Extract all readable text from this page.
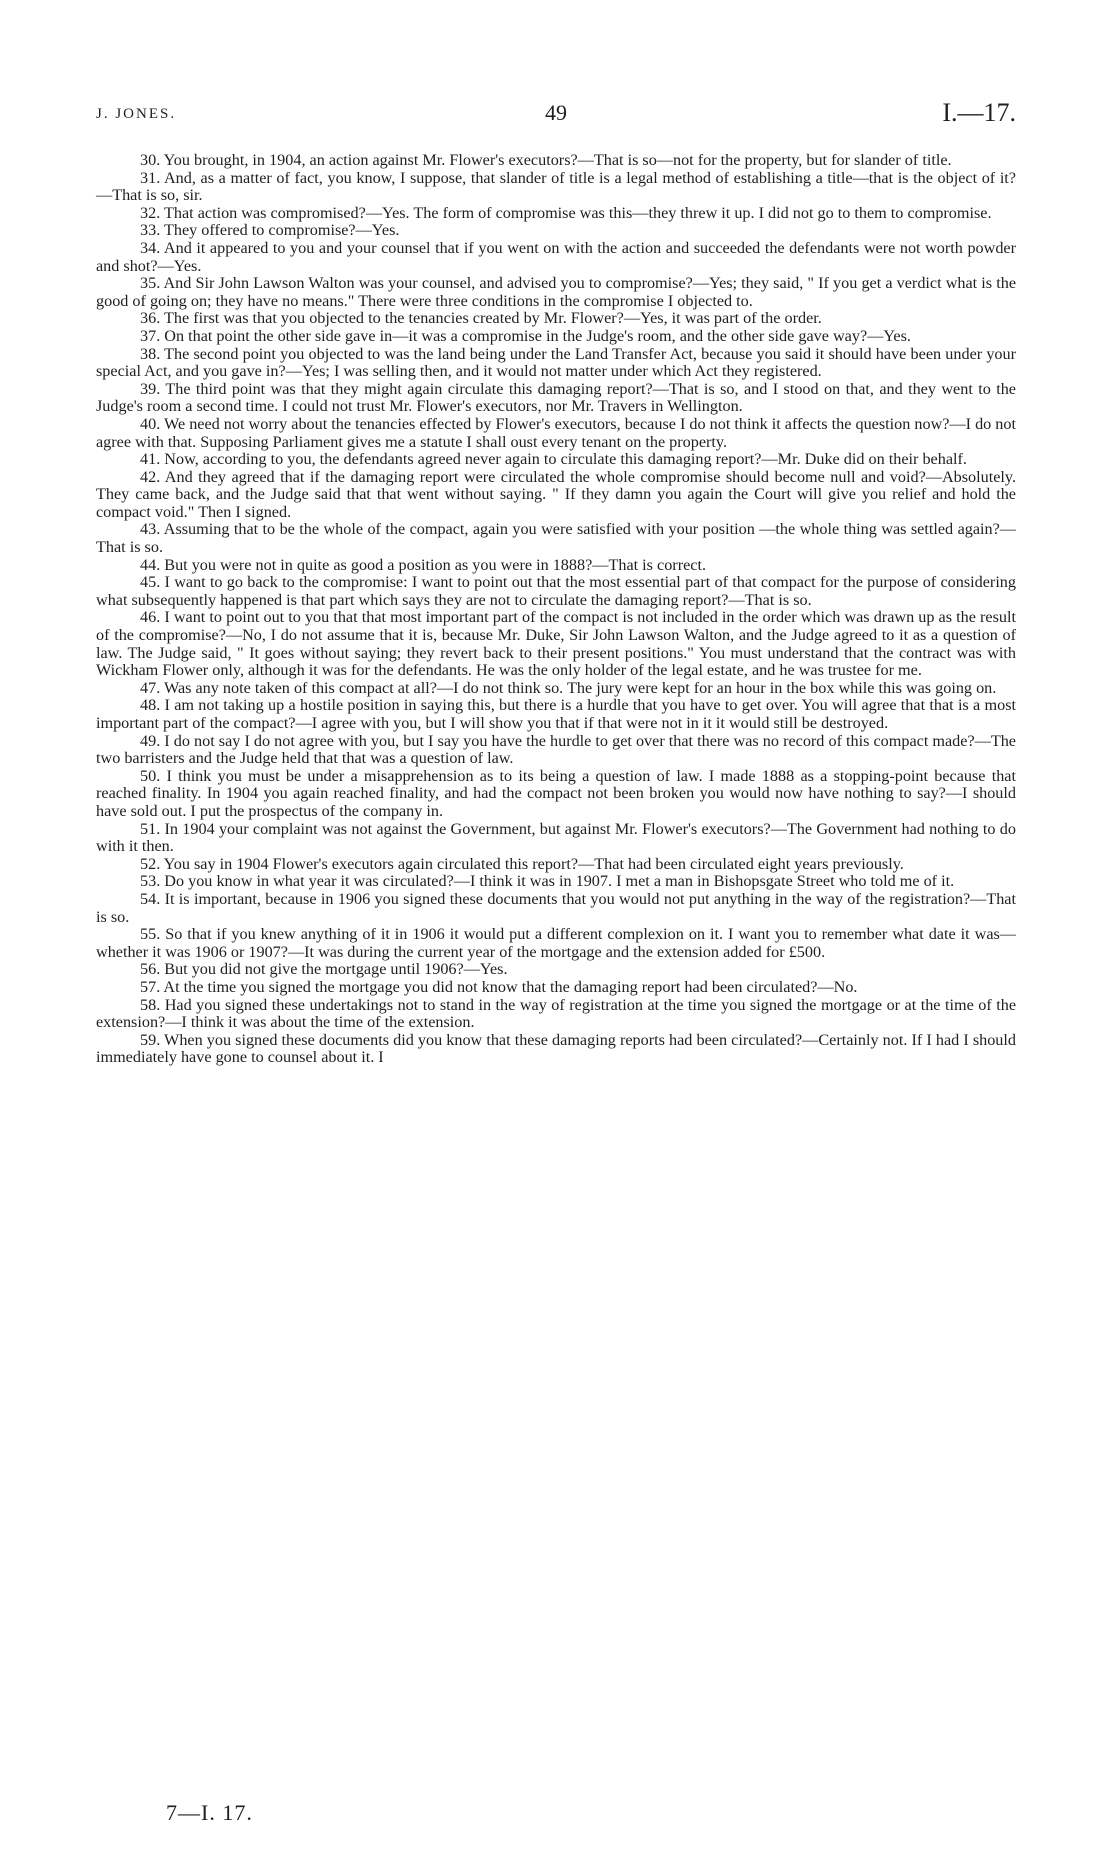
J. JONES.	49	I.—17.

30. You brought, in 1904, an action against Mr. Flower's executors?—That is so—not for the property, but for slander of title.

31. And, as a matter of fact, you know, I suppose, that slander of title is a legal method of establishing a title—that is the object of it?—That is so, sir.

32. That action was compromised?—Yes. The form of compromise was this—they threw it up. I did not go to them to compromise.

33. They offered to compromise?—Yes.

34. And it appeared to you and your counsel that if you went on with the action and succeeded the defendants were not worth powder and shot?—Yes.

35. And Sir John Lawson Walton was your counsel, and advised you to compromise?—Yes; they said, " If you get a verdict what is the good of going on; they have no means." There were three conditions in the compromise I objected to.

36. The first was that you objected to the tenancies created by Mr. Flower?—Yes, it was part of the order.

37. On that point the other side gave in—it was a compromise in the Judge's room, and the other side gave way?—Yes.

38. The second point you objected to was the land being under the Land Transfer Act, because you said it should have been under your special Act, and you gave in?—Yes; I was selling then, and it would not matter under which Act they registered.

39. The third point was that they might again circulate this damaging report?—That is so, and I stood on that, and they went to the Judge's room a second time. I could not trust Mr. Flower's executors, nor Mr. Travers in Wellington.

40. We need not worry about the tenancies effected by Flower's executors, because I do not think it affects the question now?—I do not agree with that. Supposing Parliament gives me a statute I shall oust every tenant on the property.

41. Now, according to you, the defendants agreed never again to circulate this damaging report?—Mr. Duke did on their behalf.

42. And they agreed that if the damaging report were circulated the whole compromise should become null and void?—Absolutely. They came back, and the Judge said that that went without saying. " If they damn you again the Court will give you relief and hold the compact void." Then I signed.

43. Assuming that to be the whole of the compact, again you were satisfied with your position —the whole thing was settled again?—That is so.

44. But you were not in quite as good a position as you were in 1888?—That is correct.

45. I want to go back to the compromise: I want to point out that the most essential part of that compact for the purpose of considering what subsequently happened is that part which says they are not to circulate the damaging report?—That is so.

46. I want to point out to you that that most important part of the compact is not included in the order which was drawn up as the result of the compromise?—No, I do not assume that it is, because Mr. Duke, Sir John Lawson Walton, and the Judge agreed to it as a question of law. The Judge said, " It goes without saying; they revert back to their present positions." You must understand that the contract was with Wickham Flower only, although it was for the defendants. He was the only holder of the legal estate, and he was trustee for me.

47. Was any note taken of this compact at all?—I do not think so. The jury were kept for an hour in the box while this was going on.

48. I am not taking up a hostile position in saying this, but there is a hurdle that you have to get over. You will agree that that is a most important part of the compact?—I agree with you, but I will show you that if that were not in it it would still be destroyed.

49. I do not say I do not agree with you, but I say you have the hurdle to get over that there was no record of this compact made?—The two barristers and the Judge held that that was a question of law.

50. I think you must be under a misapprehension as to its being a question of law. I made 1888 as a stopping-point because that reached finality. In 1904 you again reached finality, and had the compact not been broken you would now have nothing to say?—I should have sold out. I put the prospectus of the company in.

51. In 1904 your complaint was not against the Government, but against Mr. Flower's executors?—The Government had nothing to do with it then.

52. You say in 1904 Flower's executors again circulated this report?—That had been circulated eight years previously.

53. Do you know in what year it was circulated?—I think it was in 1907. I met a man in Bishopsgate Street who told me of it.

54. It is important, because in 1906 you signed these documents that you would not put anything in the way of the registration?—That is so.

55. So that if you knew anything of it in 1906 it would put a different complexion on it. I want you to remember what date it was—whether it was 1906 or 1907?—It was during the current year of the mortgage and the extension added for £500.

56. But you did not give the mortgage until 1906?—Yes.

57. At the time you signed the mortgage you did not know that the damaging report had been circulated?—No.

58. Had you signed these undertakings not to stand in the way of registration at the time you signed the mortgage or at the time of the extension?—I think it was about the time of the extension.

59. When you signed these documents did you know that these damaging reports had been circulated?—Certainly not. If I had I should immediately have gone to counsel about it. I

7—I. 17.
